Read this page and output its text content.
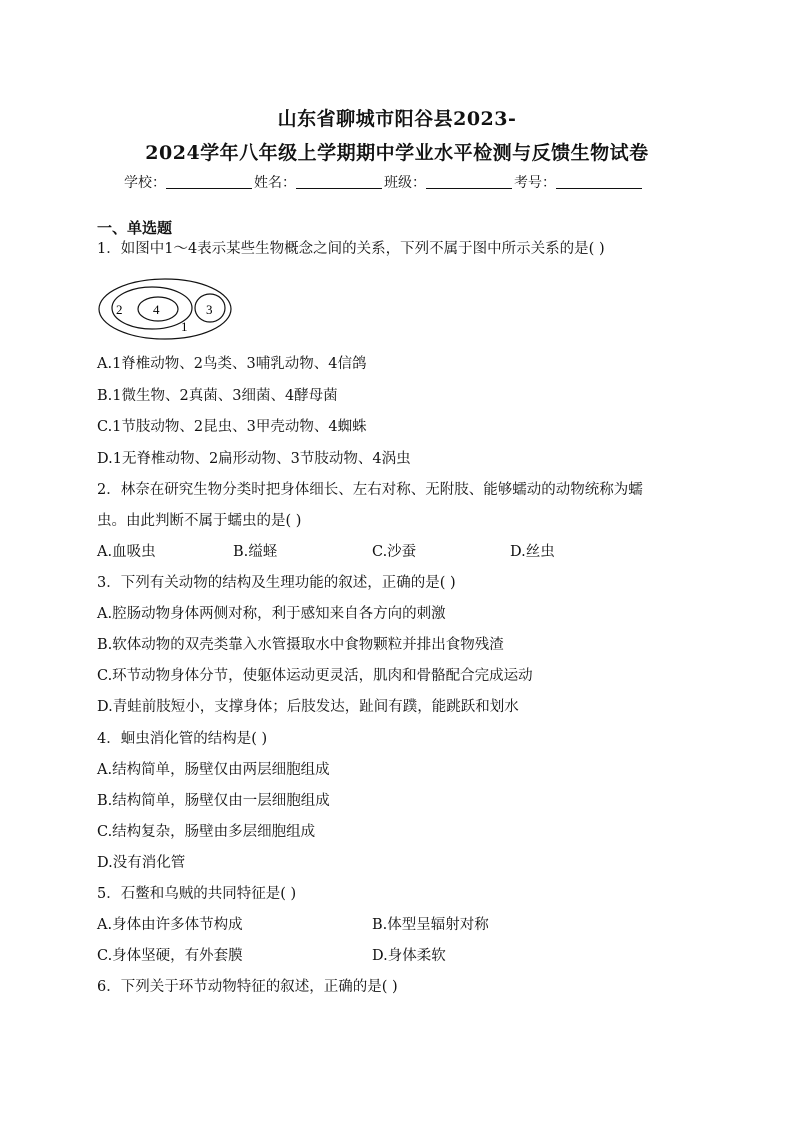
山东省聊城市阳谷县2023-
2024学年八年级上学期期中学业水平检测与反馈生物试卷
学校：	姓名：	班级：	考号：
一、单选题
1．如图中1～4表示某些生物概念之间的关系，下列不属于图中所示关系的是( )
2 4	3
1
A.1脊椎动物、2鸟类、3哺乳动物、4信鸽
B.1微生物、2真菌、3细菌、4酵母菌
C.1节肢动物、2昆虫、3甲壳动物、4蜘蛛
D.1无脊椎动物、2扁形动物、3节肢动物、4涡虫
2．林奈在研究生物分类时把身体细长、左右对称、无附肢、能够蠕动的动物统称为蠕
虫。由此判断不属于蠕虫的是( )
A.血吸虫	B.缢蛏	C.沙蚕	D.丝虫
3．下列有关动物的结构及生理功能的叙述，正确的是( )
A.腔肠动物身体两侧对称，利于感知来自各方向的刺激
B.软体动物的双壳类靠入水管摄取水中食物颗粒并排出食物残渣
C.环节动物身体分节，使躯体运动更灵活，肌肉和骨骼配合完成运动
D.青蛙前肢短小，支撑身体；后肢发达，趾间有蹼，能跳跃和划水
4．蛔虫消化管的结构是( )
A.结构简单，肠壁仅由两层细胞组成
B.结构简单，肠壁仅由一层细胞组成
C.结构复杂，肠壁由多层细胞组成
D.没有消化管
5．石鳖和乌贼的共同特征是( )
A.身体由许多体节构成	B.体型呈辐射对称
C.身体坚硬，有外套膜	D.身体柔软
6．下列关于环节动物特征的叙述，正确的是( )
